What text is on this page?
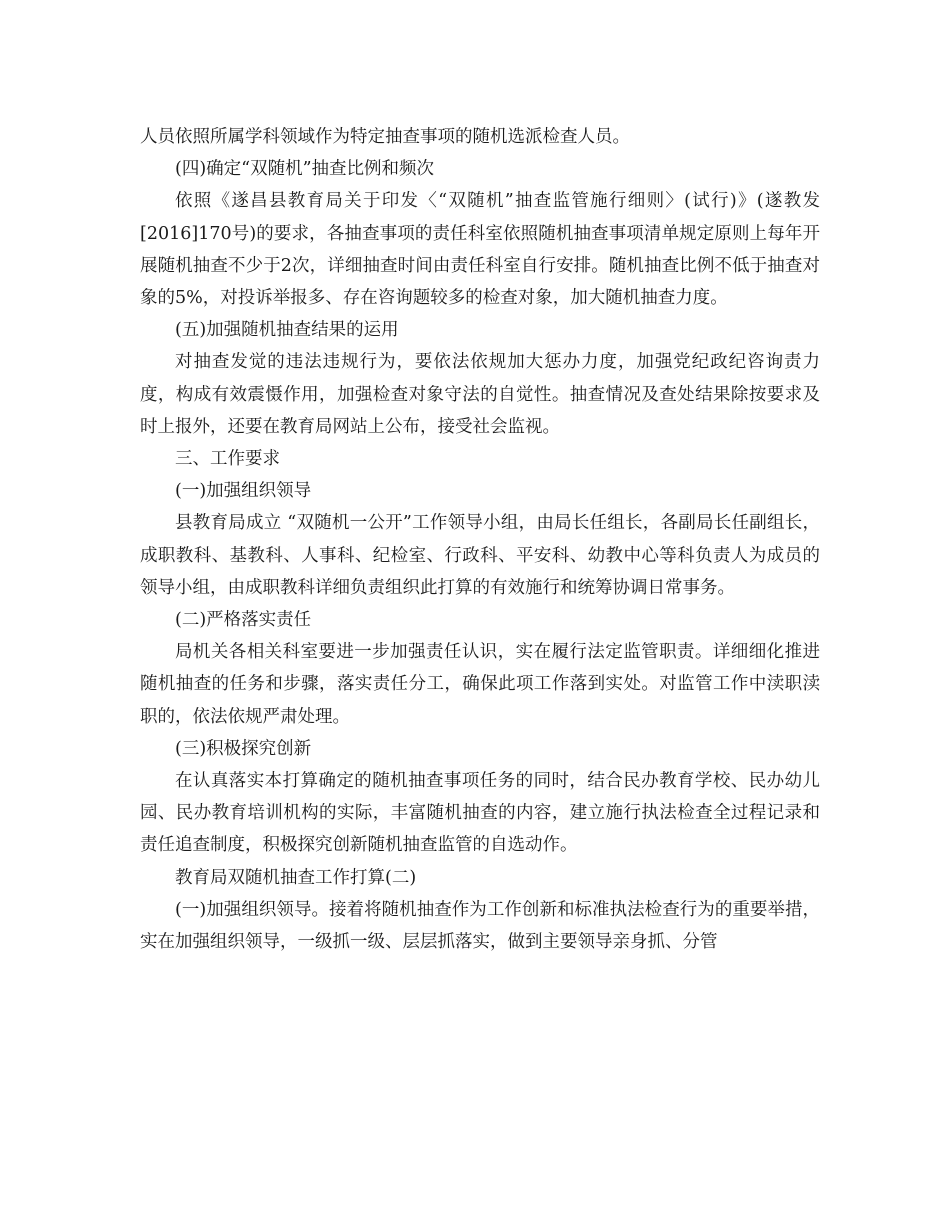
人员依照所属学科领域作为特定抽查事项的随机选派检查人员。

(四)确定“双随机”抽查比例和频次

依照《遂昌县教育局关于印发〈“双随机”抽查监管施行细则〉(试行)》(遂教发[2016]170号)的要求，各抽查事项的责任科室依照随机抽查事项清单规定原则上每年开展随机抽查不少于2次，详细抽查时间由责任科室自行安排。随机抽查比例不低于抽查对象的5%，对投诉举报多、存在咨询题较多的检查对象，加大随机抽查力度。

(五)加强随机抽查结果的运用

对抽查发觉的违法违规行为，要依法依规加大惩办力度，加强党纪政纪咨询责力度，构成有效震慑作用，加强检查对象守法的自觉性。抽查情况及查处结果除按要求及时上报外，还要在教育局网站上公布，接受社会监视。

三、工作要求

(一)加强组织领导

县教育局成立 “双随机一公开”工作领导小组，由局长任组长，各副局长任副组长，成职教科、基教科、人事科、纪检室、行政科、平安科、幼教中心等科负责人为成员的领导小组，由成职教科详细负责组织此打算的有效施行和统筹协调日常事务。

(二)严格落实责任

局机关各相关科室要进一步加强责任认识，实在履行法定监管职责。详细细化推进随机抽查的任务和步骤，落实责任分工，确保此项工作落到实处。对监管工作中渎职渎职的，依法依规严肃处理。

(三)积极探究创新

在认真落实本打算确定的随机抽查事项任务的同时，结合民办教育学校、民办幼儿园、民办教育培训机构的实际，丰富随机抽查的内容，建立施行执法检查全过程记录和责任追查制度，积极探究创新随机抽查监管的自选动作。

教育局双随机抽查工作打算(二)

(一)加强组织领导。接着将随机抽查作为工作创新和标准执法检查行为的重要举措，实在加强组织领导，一级抓一级、层层抓落实，做到主要领导亲身抓、分管
